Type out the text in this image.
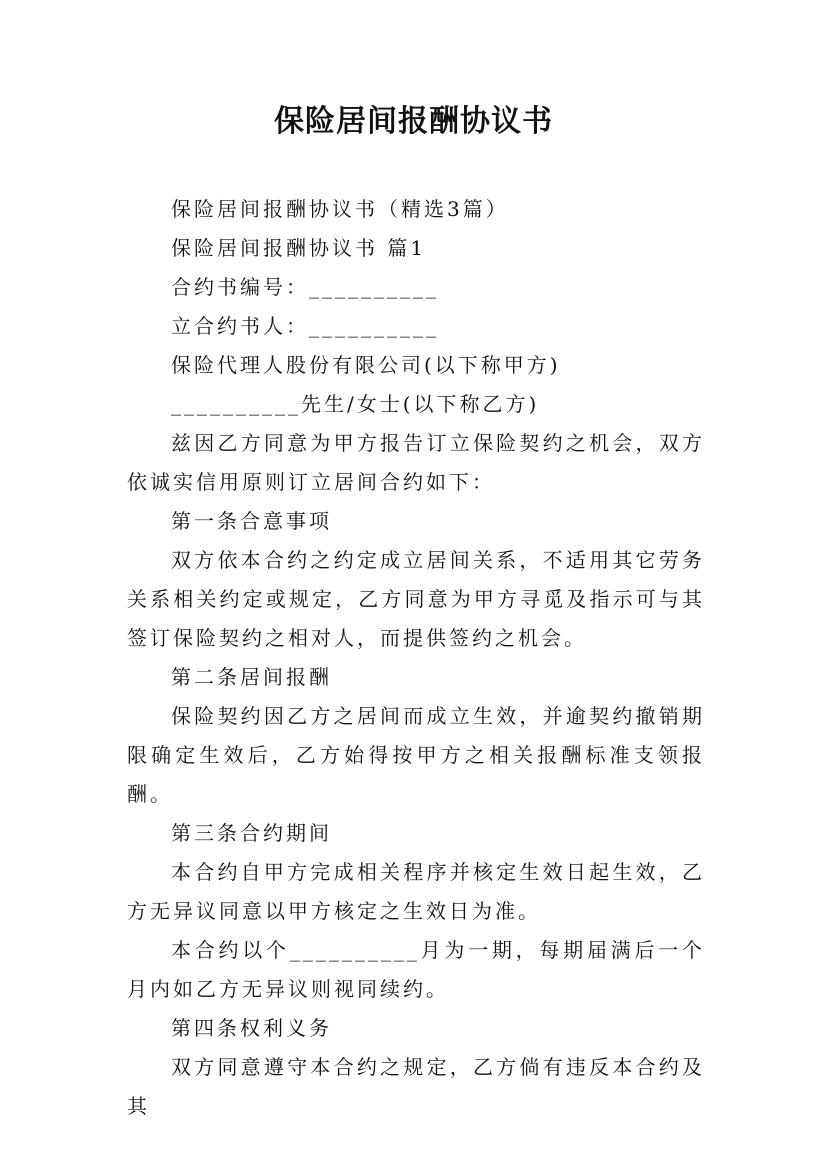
保险居间报酬协议书

保险居间报酬协议书（精选3篇）

保险居间报酬协议书 篇1

合约书编号：__________

立合约书人：__________

保险代理人股份有限公司(以下称甲方)

__________先生/女士(以下称乙方)

兹因乙方同意为甲方报告订立保险契约之机会，双方依诚实信用原则订立居间合约如下：

第一条合意事项

双方依本合约之约定成立居间关系，不适用其它劳务关系相关约定或规定，乙方同意为甲方寻觅及指示可与其签订保险契约之相对人，而提供签约之机会。

第二条居间报酬

保险契约因乙方之居间而成立生效，并逾契约撤销期限确定生效后，乙方始得按甲方之相关报酬标准支领报酬。

第三条合约期间

本合约自甲方完成相关程序并核定生效日起生效，乙方无异议同意以甲方核定之生效日为准。

本合约以个__________月为一期，每期届满后一个月内如乙方无异议则视同续约。

第四条权利义务

双方同意遵守本合约之规定，乙方倘有违反本合约及其
